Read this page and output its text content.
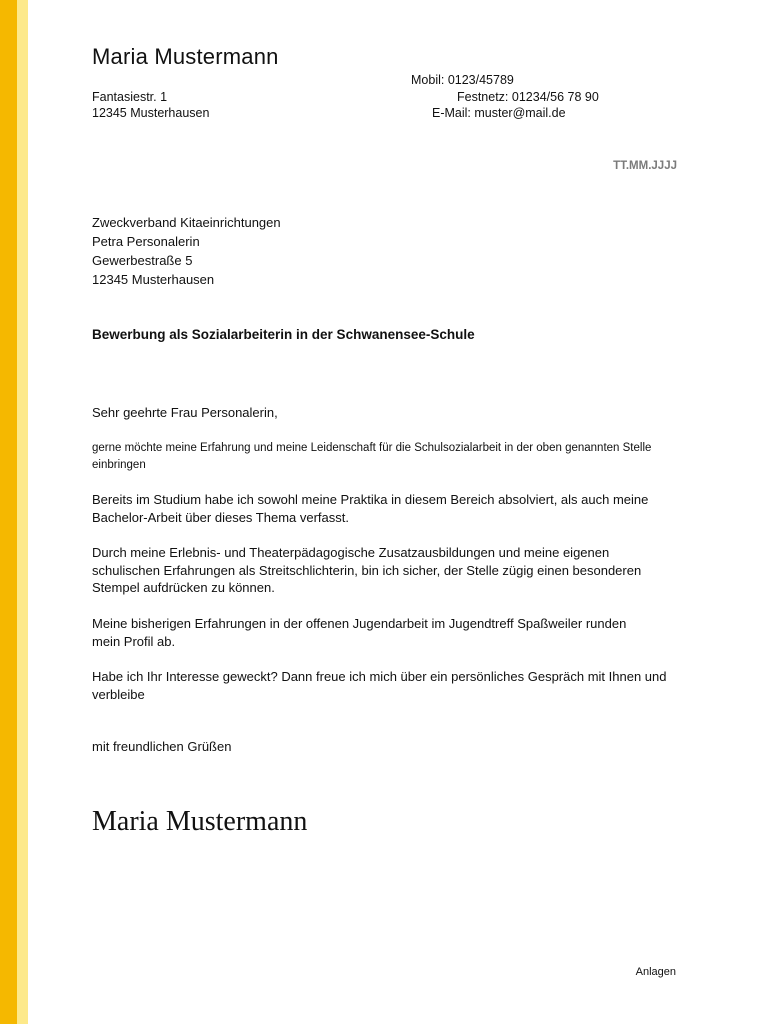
Maria Mustermann
Fantasiestr. 1
12345 Musterhausen
Mobil: 0123/45789
Festnetz: 01234/56 78 90
E-Mail: muster@mail.de
TT.MM.JJJJ
Zweckverband Kitaeinrichtungen
Petra Personalerin
Gewerbestraße 5
12345 Musterhausen
Bewerbung als Sozialarbeiterin in der Schwanensee-Schule
Sehr geehrte Frau Personalerin,
gerne möchte meine Erfahrung und meine Leidenschaft für die Schulsozialarbeit in der oben genannten Stelle einbringen
Bereits im Studium habe ich sowohl meine Praktika in diesem Bereich absolviert, als auch meine Bachelor-Arbeit über dieses Thema verfasst.
Durch meine Erlebnis- und Theaterpädagogische Zusatzausbildungen und meine eigenen schulischen Erfahrungen als Streitschlichterin, bin ich sicher, der Stelle zügig einen besonderen Stempel aufdrücken zu können.
Meine bisherigen Erfahrungen in der offenen Jugendarbeit im Jugendtreff Spaßweiler runden mein Profil ab.
Habe ich Ihr Interesse geweckt? Dann freue ich mich über ein persönliches Gespräch mit Ihnen und verbleibe
mit freundlichen Grüßen
Maria Mustermann
Anlagen
